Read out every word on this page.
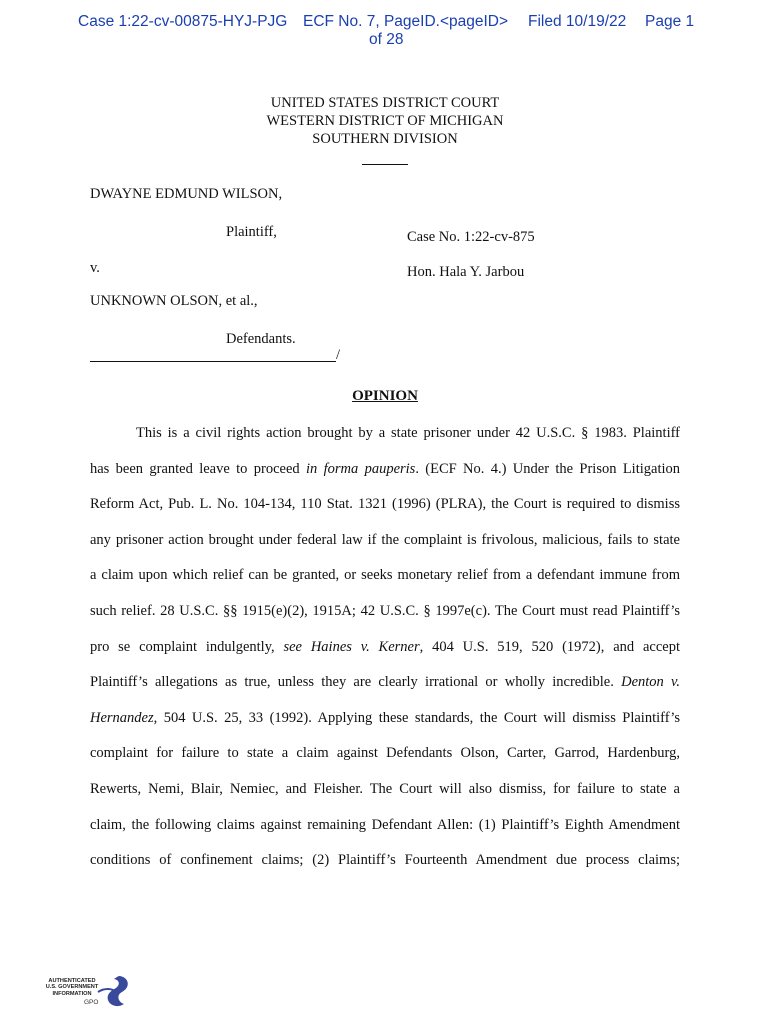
Case 1:22-cv-00875-HYJ-PJG ECF No. 7, PageID.<pageID>
of 28
Filed 10/19/22 Page 1
UNITED STATES DISTRICT COURT
WESTERN DISTRICT OF MICHIGAN
SOUTHERN DIVISION
DWAYNE EDMUND WILSON,
Plaintiff,
v.
UNKNOWN OLSON, et al.,
Defendants.
/
Case No. 1:22-cv-875
Hon. Hala Y. Jarbou
OPINION
This is a civil rights action brought by a state prisoner under 42 U.S.C. § 1983. Plaintiff
has been granted leave to proceed in forma pauperis. (ECF No. 4.) Under the Prison Litigation
Reform Act, Pub. L. No. 104-134, 110 Stat. 1321 (1996) (PLRA), the Court is required to dismiss
any prisoner action brought under federal law if the complaint is frivolous, malicious, fails to state
a claim upon which relief can be granted, or seeks monetary relief from a defendant immune from
such relief. 28 U.S.C. §§ 1915(e)(2), 1915A; 42 U.S.C. § 1997e(c). The Court must read Plaintiff’s
pro se complaint indulgently, see Haines v. Kerner, 404 U.S. 519, 520 (1972), and accept
Plaintiff’s allegations as true, unless they are clearly irrational or wholly incredible. Denton v.
Hernandez, 504 U.S. 25, 33 (1992). Applying these standards, the Court will dismiss Plaintiff’s
complaint for failure to state a claim against Defendants Olson, Carter, Garrod, Hardenburg,
Rewerts, Nemi, Blair, Nemiec, and Fleisher. The Court will also dismiss, for failure to state a
claim, the following claims against remaining Defendant Allen: (1) Plaintiff’s Eighth Amendment
conditions of confinement claims; (2) Plaintiff’s Fourteenth Amendment due process claims;
AUTHENTICATED
U.S. GOVERNMENT
INFORMATION
GPO
